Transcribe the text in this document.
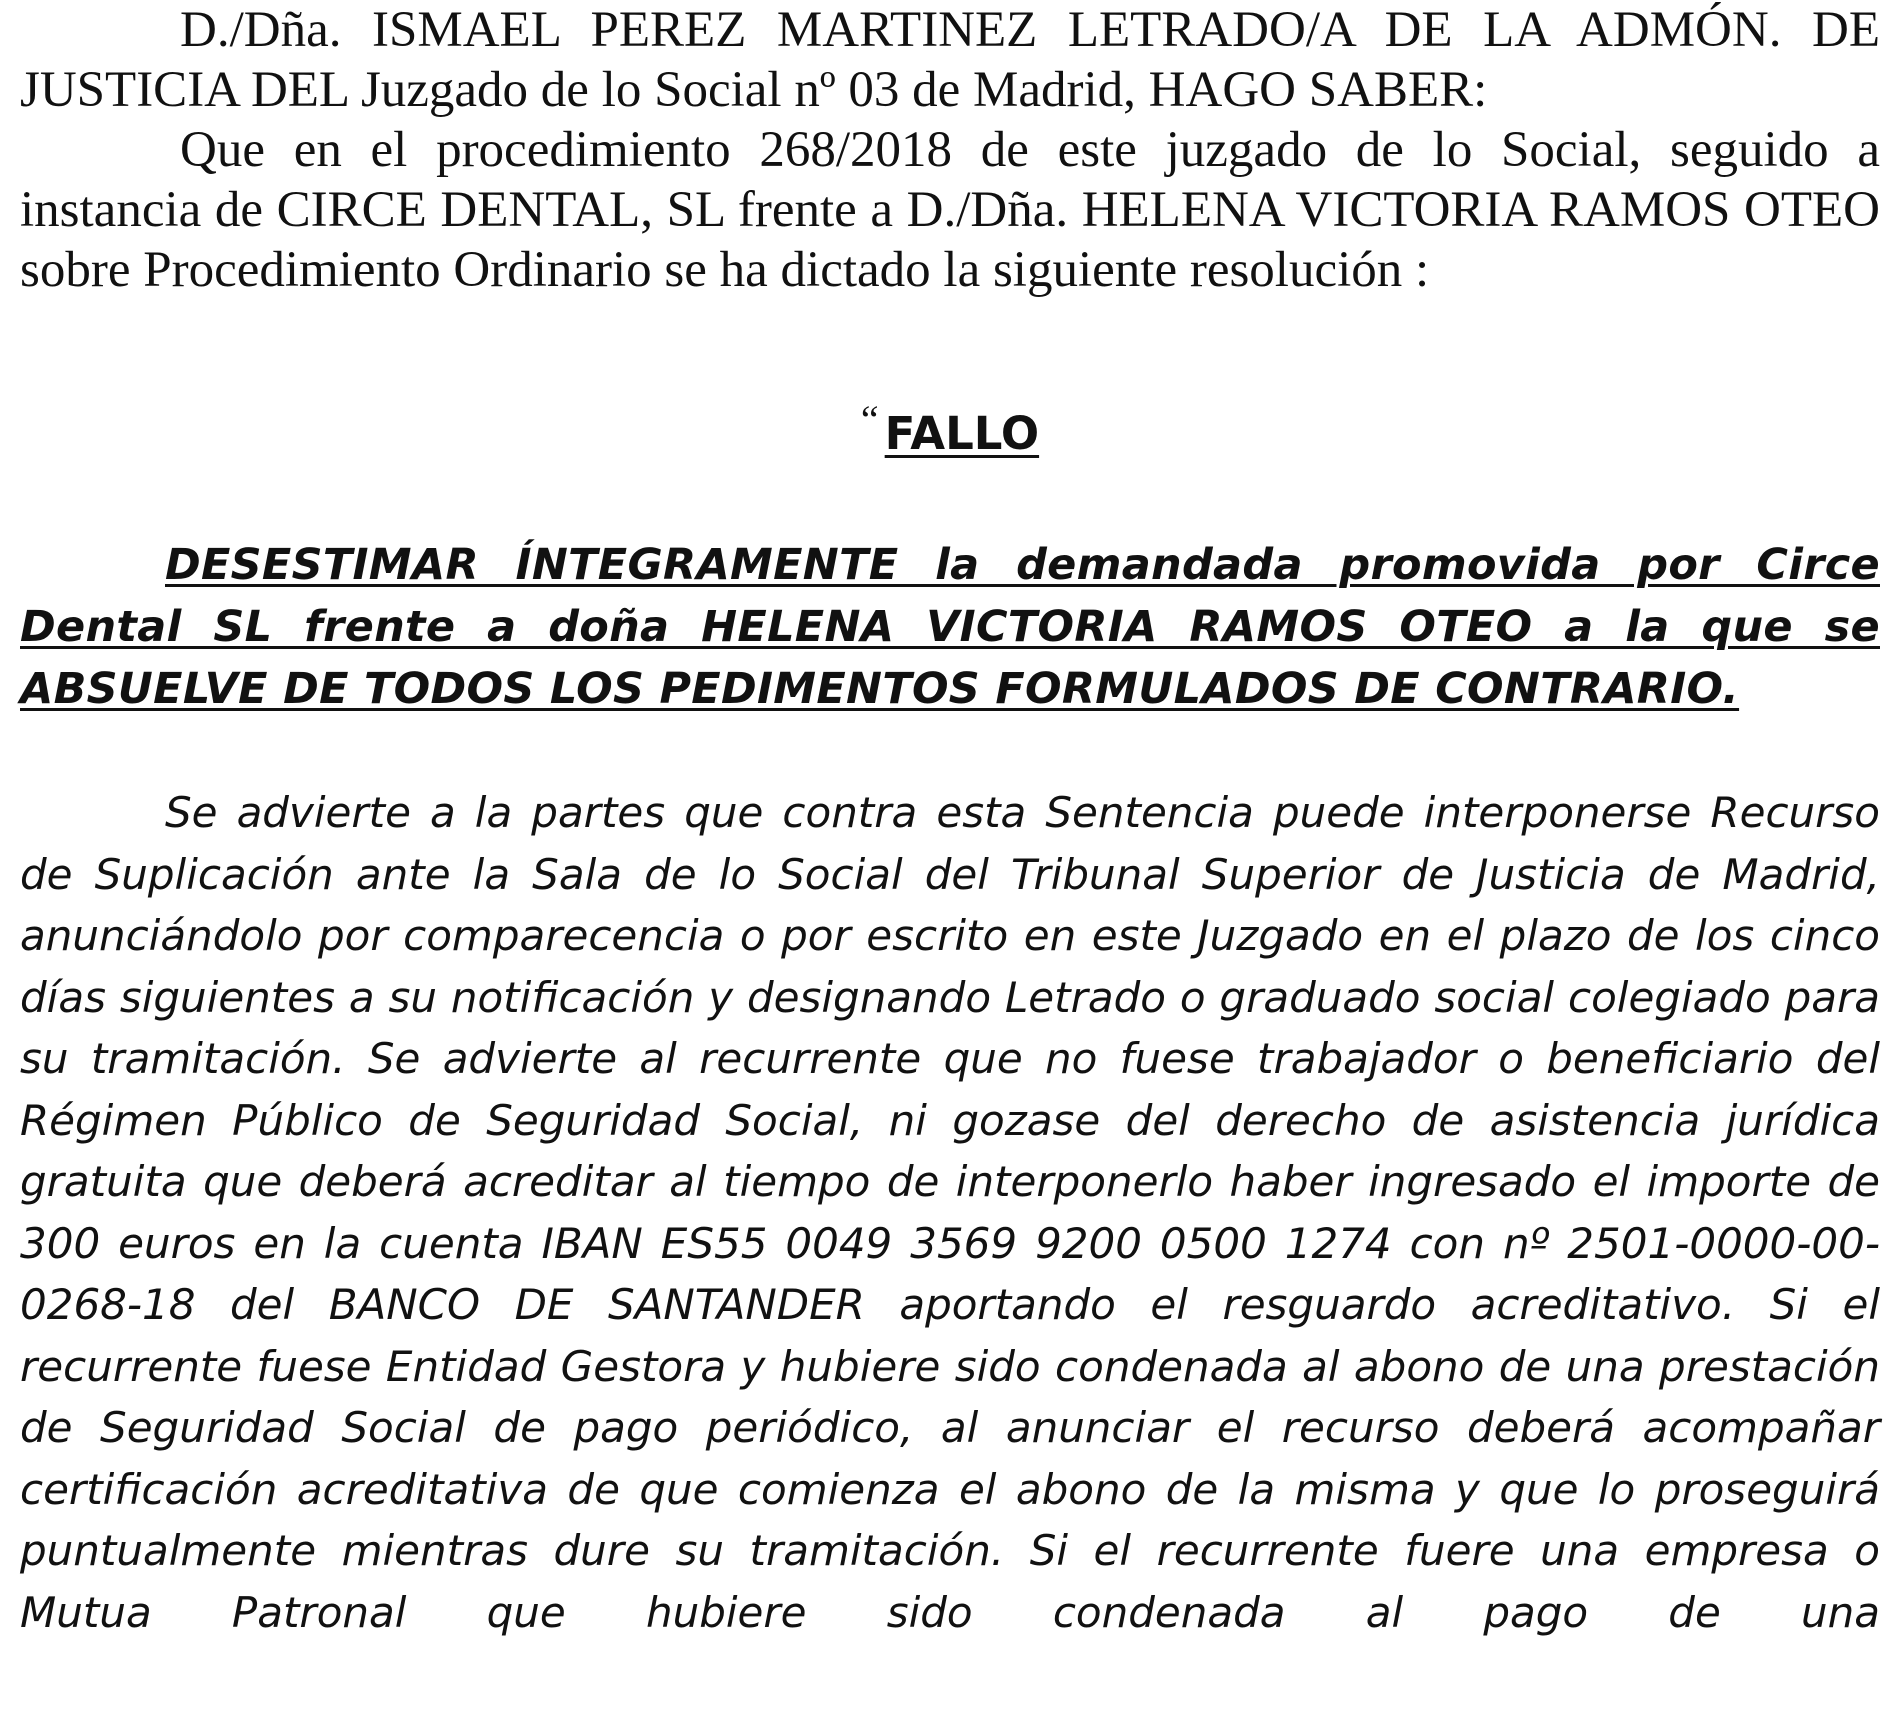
D./Dña. ISMAEL PEREZ MARTINEZ LETRADO/A DE LA ADMÓN. DE JUSTICIA DEL Juzgado de lo Social nº 03 de Madrid, HAGO SABER:

Que en el procedimiento 268/2018 de este juzgado de lo Social, seguido a instancia de CIRCE DENTAL, SL frente a D./Dña. HELENA VICTORIA RAMOS OTEO sobre Procedimiento Ordinario se ha dictado la siguiente resolución :

“ FALLO

DESESTIMAR ÍNTEGRAMENTE la demandada promovida por Circe Dental SL frente a doña HELENA VICTORIA RAMOS OTEO a la que se ABSUELVE DE TODOS LOS PEDIMENTOS FORMULADOS DE CONTRARIO.

Se advierte a la partes que contra esta Sentencia puede interponerse Recurso de Suplicación ante la Sala de lo Social del Tribunal Superior de Justicia de Madrid, anunciándolo por comparecencia o por escrito en este Juzgado en el plazo de los cinco días siguientes a su notificación y designando Letrado o graduado social colegiado para su tramitación. Se advierte al recurrente que no fuese trabajador o beneficiario del Régimen Público de Seguridad Social, ni gozase del derecho de asistencia jurídica gratuita que deberá acreditar al tiempo de interponerlo haber ingresado el importe de 300 euros en la cuenta IBAN ES55 0049 3569 9200 0500 1274 con nº 2501-0000-00-0268-18 del BANCO DE SANTANDER aportando el resguardo acreditativo. Si el recurrente fuese Entidad Gestora y hubiere sido condenada al abono de una prestación de Seguridad Social de pago periódico, al anunciar el recurso deberá acompañar certificación acreditativa de que comienza el abono de la misma y que lo proseguirá puntualmente mientras dure su tramitación. Si el recurrente fuere una empresa o Mutua Patronal que hubiere sido condenada al pago de una
